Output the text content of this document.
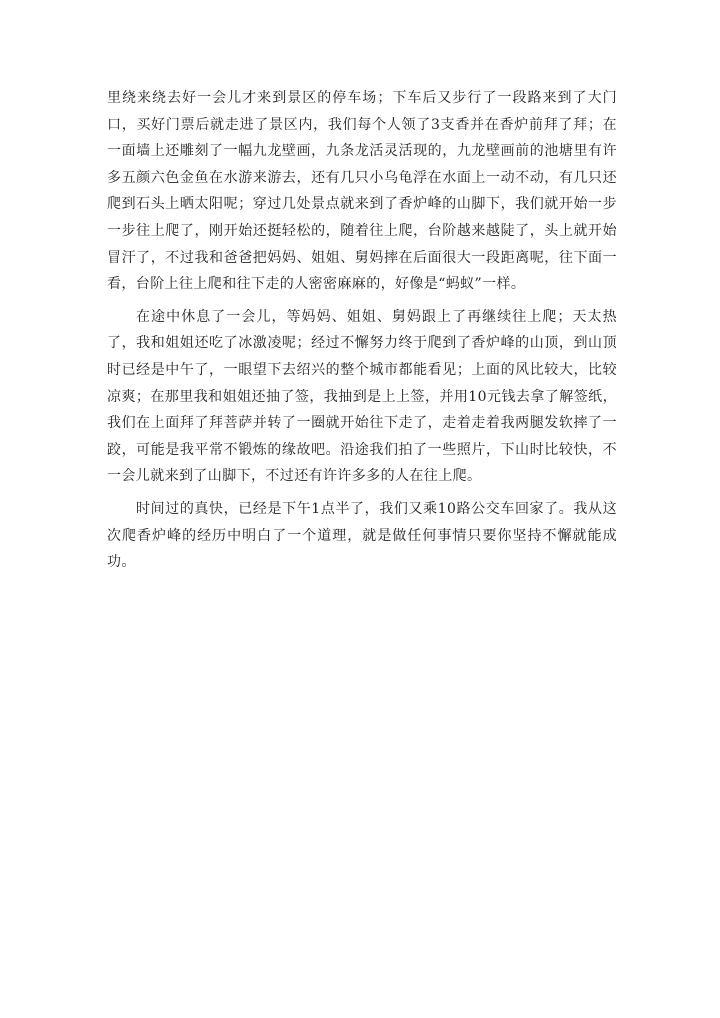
里绕来绕去好一会儿才来到景区的停车场；下车后又步行了一段路来到了大门口，买好门票后就走进了景区内，我们每个人领了3支香并在香炉前拜了拜；在一面墙上还雕刻了一幅九龙壁画，九条龙活灵活现的，九龙壁画前的池塘里有许多五颜六色金鱼在水游来游去，还有几只小乌龟浮在水面上一动不动，有几只还爬到石头上晒太阳呢；穿过几处景点就来到了香炉峰的山脚下，我们就开始一步一步往上爬了，刚开始还挺轻松的，随着往上爬，台阶越来越陡了，头上就开始冒汗了，不过我和爸爸把妈妈、姐姐、舅妈摔在后面很大一段距离呢，往下面一看，台阶上往上爬和往下走的人密密麻麻的，好像是“蚂蚁”一样。

在途中休息了一会儿，等妈妈、姐姐、舅妈跟上了再继续往上爬；天太热了，我和姐姐还吃了冰激凌呢；经过不懈努力终于爬到了香炉峰的山顶，到山顶时已经是中午了，一眼望下去绍兴的整个城市都能看见；上面的风比较大，比较凉爽；在那里我和姐姐还抽了签，我抽到是上上签，并用10元钱去拿了解签纸，我们在上面拜了拜菩萨并转了一圈就开始往下走了，走着走着我两腿发软摔了一跤，可能是我平常不锻炼的缘故吧。沿途我们拍了一些照片，下山时比较快，不一会儿就来到了山脚下，不过还有许许多多的人在往上爬。

时间过的真快，已经是下午1点半了，我们又乘10路公交车回家了。我从这次爬香炉峰的经历中明白了一个道理，就是做任何事情只要你坚持不懈就能成功。
